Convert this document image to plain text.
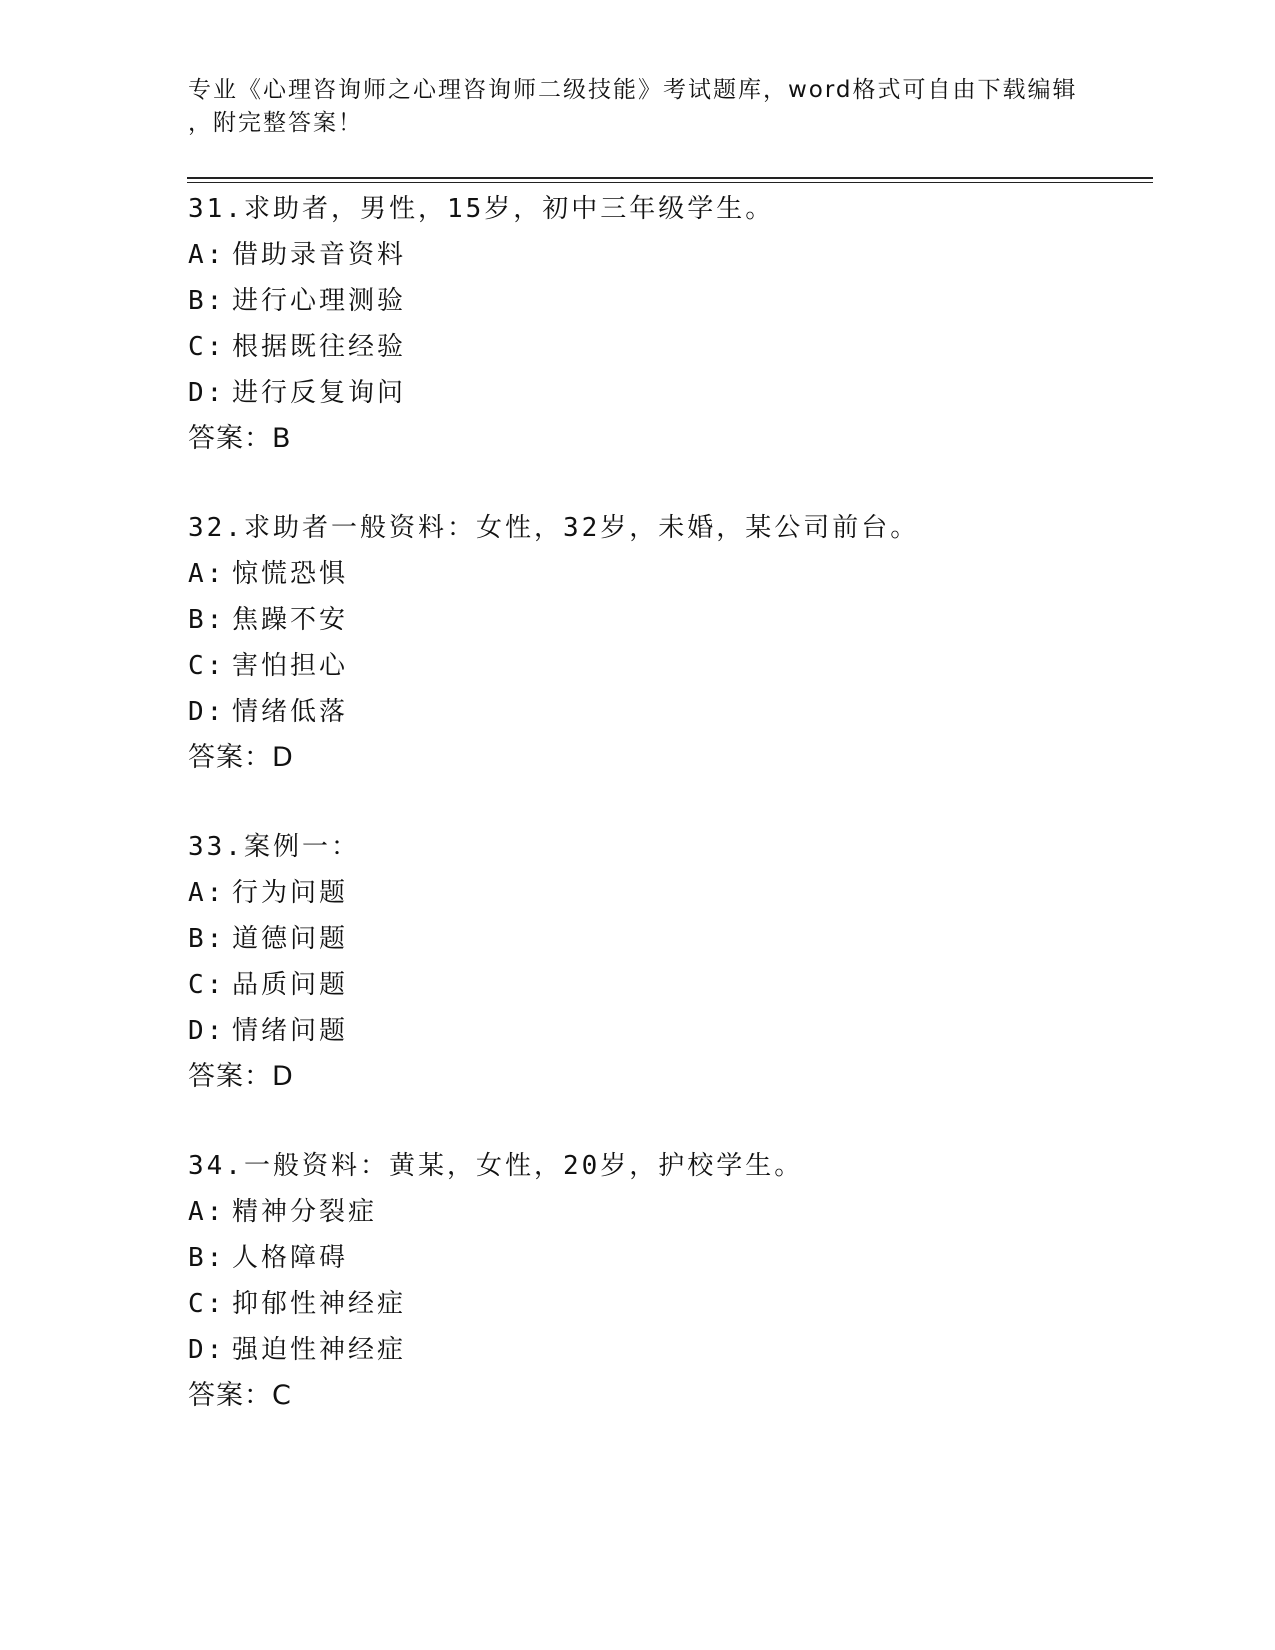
专业《心理咨询师之心理咨询师二级技能》考试题库，word格式可自由下载编辑
，附完整答案！
31.求助者，男性，15岁，初中三年级学生。
A: 借助录音资料
B: 进行心理测验
C: 根据既往经验
D: 进行反复询问
答案：B
32.求助者一般资料：女性，32岁，未婚，某公司前台。
A: 惊慌恐惧
B: 焦躁不安
C: 害怕担心
D: 情绪低落
答案：D
33.案例一：
A: 行为问题
B: 道德问题
C: 品质问题
D: 情绪问题
答案：D
34.一般资料：黄某，女性，20岁，护校学生。
A: 精神分裂症
B: 人格障碍
C: 抑郁性神经症
D: 强迫性神经症
答案：C
